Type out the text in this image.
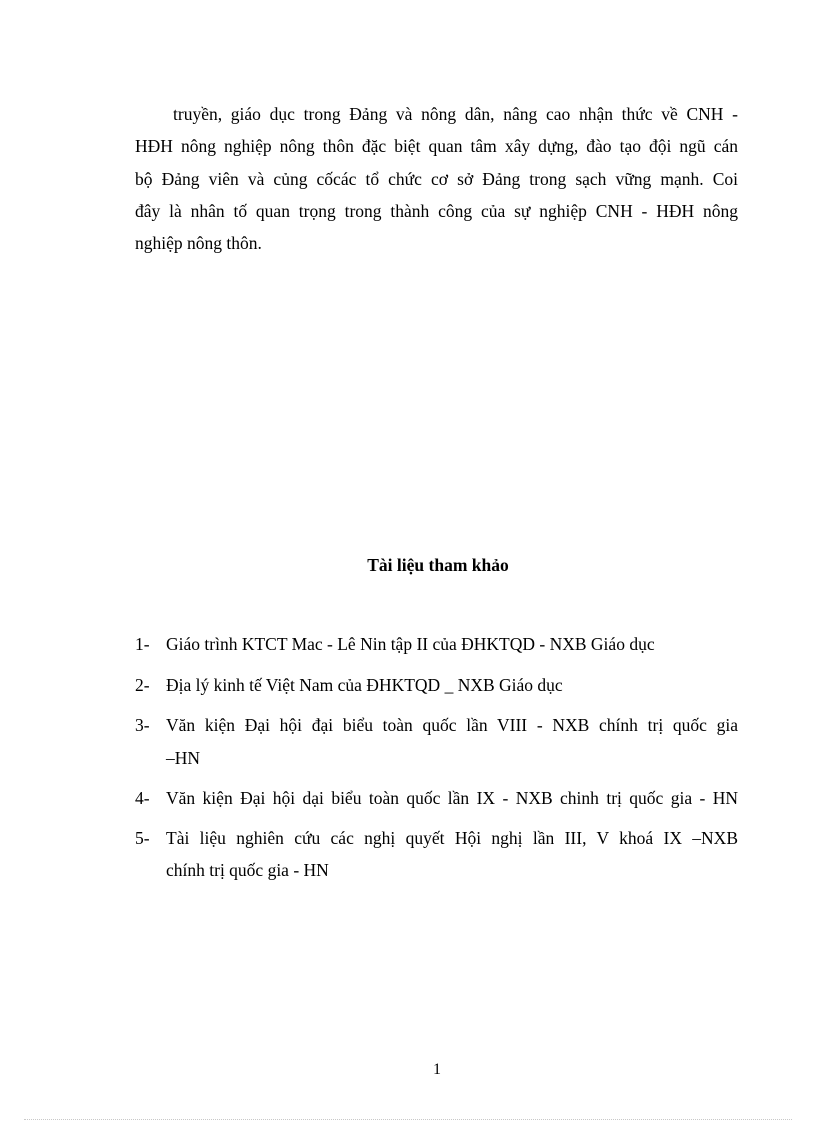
truyền, giáo dục trong Đảng và nông dân, nâng cao nhận thức về CNH -
HĐH nông nghiệp nông thôn đặc biệt quan tâm xây dựng, đào tạo đội ngũ cán
bộ Đảng viên và củng cốcác tổ chức cơ sở Đảng trong sạch vững mạnh. Coi
đây là nhân tố quan trọng trong thành công của sự nghiệp CNH - HĐH nông
nghiệp nông thôn.
Tài liệu tham khảo
1- Giáo trình KTCT Mac - Lê Nin tập II của ĐHKTQD - NXB Giáo dục
2- Địa lý kinh tế Việt Nam của ĐHKTQD _ NXB Giáo dục
3- Văn kiện Đại hội đại biểu toàn quốc lần VIII - NXB chính trị quốc gia
–HN
4- Văn kiện Đại hội dại biểu toàn quốc lần IX - NXB chinh trị quốc gia - HN
5- Tài liệu nghiên cứu các nghị quyết Hội nghị lần III, V khoá IX –NXB
chính trị quốc gia - HN
1
